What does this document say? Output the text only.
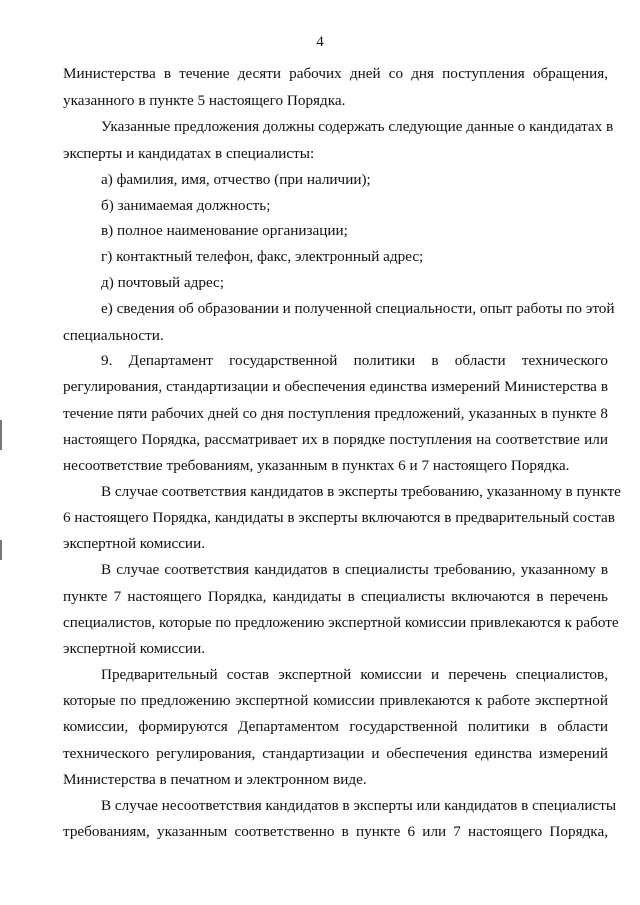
4
Министерства в течение десяти рабочих дней со дня поступления обращения,
указанного в пункте 5 настоящего Порядка.
Указанные предложения должны содержать следующие данные о кандидатах в
эксперты и кандидатах в специалисты:
а) фамилия, имя, отчество (при наличии);
б) занимаемая должность;
в) полное наименование организации;
г) контактный телефон, факс, электронный адрес;
д) почтовый адрес;
е) сведения об образовании и полученной специальности, опыт работы по этой
специальности.
9. Департамент государственной политики в области технического
регулирования, стандартизации и обеспечения единства измерений Министерства в
течение пяти рабочих дней со дня поступления предложений, указанных в пункте 8
настоящего Порядка, рассматривает их в порядке поступления на соответствие или
несоответствие требованиям, указанным в пунктах 6 и 7 настоящего Порядка.
В случае соответствия кандидатов в эксперты требованию, указанному в пункте
6 настоящего Порядка, кандидаты в эксперты включаются в предварительный состав
экспертной комиссии.
В случае соответствия кандидатов в специалисты требованию, указанному в
пункте 7 настоящего Порядка, кандидаты в специалисты включаются в перечень
специалистов, которые по предложению экспертной комиссии привлекаются к работе
экспертной комиссии.
Предварительный состав экспертной комиссии и перечень специалистов,
которые по предложению экспертной комиссии привлекаются к работе экспертной
комиссии, формируются Департаментом государственной политики в области
технического регулирования, стандартизации и обеспечения единства измерений
Министерства в печатном и электронном виде.
В случае несоответствия кандидатов в эксперты или кандидатов в специалисты
требованиям, указанным соответственно в пункте 6 или 7 настоящего Порядка,
